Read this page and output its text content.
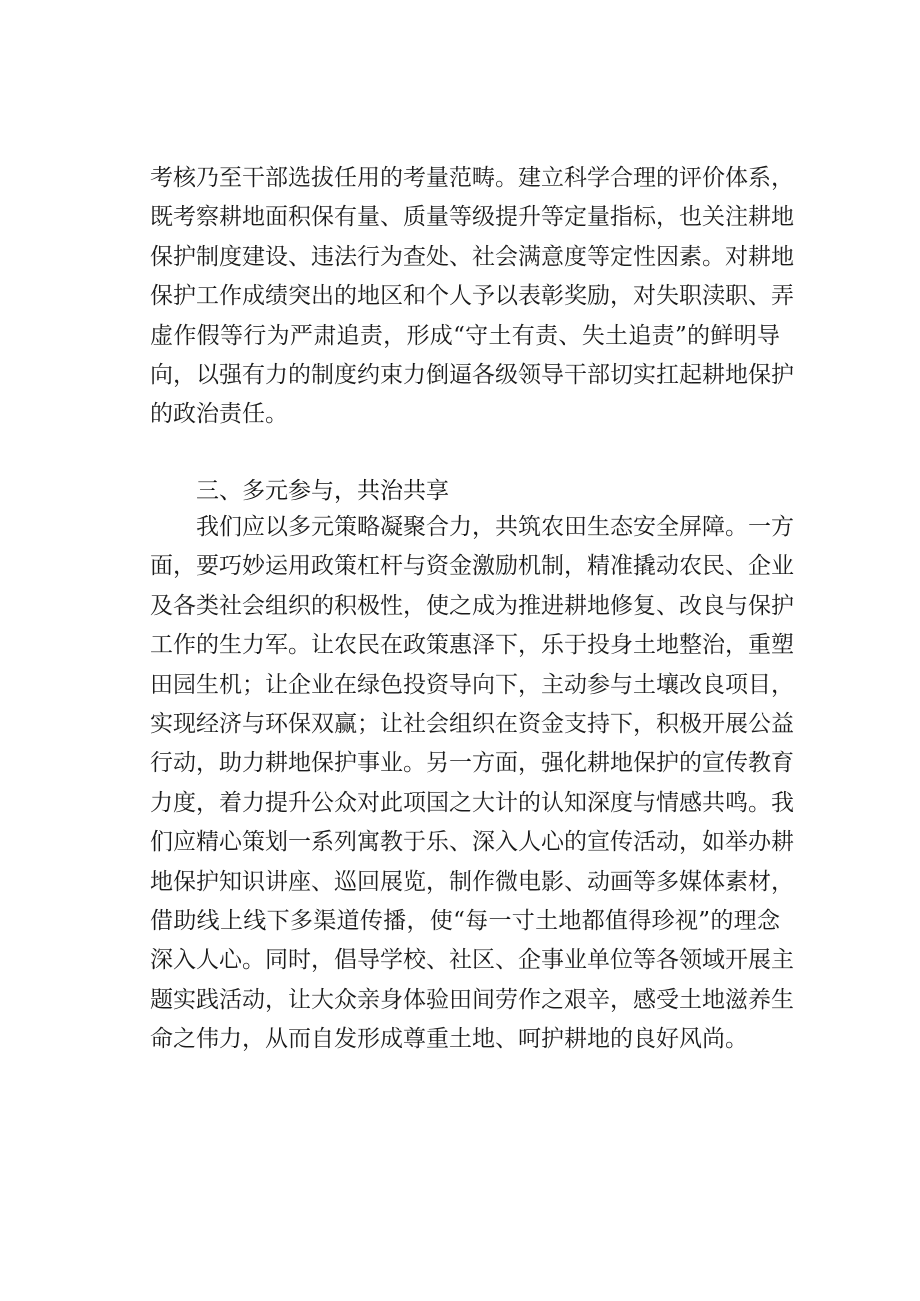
考核乃至干部选拔任用的考量范畴。建立科学合理的评价体系，
既考察耕地面积保有量、质量等级提升等定量指标，也关注耕地
保护制度建设、违法行为查处、社会满意度等定性因素。对耕地
保护工作成绩突出的地区和个人予以表彰奖励，对失职渎职、弄
虚作假等行为严肃追责，形成“守土有责、失土追责”的鲜明导
向，以强有力的制度约束力倒逼各级领导干部切实扛起耕地保护
的政治责任。
三、多元参与，共治共享
我们应以多元策略凝聚合力，共筑农田生态安全屏障。一方
面，要巧妙运用政策杠杆与资金激励机制，精准撬动农民、企业
及各类社会组织的积极性，使之成为推进耕地修复、改良与保护
工作的生力军。让农民在政策惠泽下，乐于投身土地整治，重塑
田园生机；让企业在绿色投资导向下，主动参与土壤改良项目，
实现经济与环保双赢；让社会组织在资金支持下，积极开展公益
行动，助力耕地保护事业。另一方面，强化耕地保护的宣传教育
力度，着力提升公众对此项国之大计的认知深度与情感共鸣。我
们应精心策划一系列寓教于乐、深入人心的宣传活动，如举办耕
地保护知识讲座、巡回展览，制作微电影、动画等多媒体素材，
借助线上线下多渠道传播，使“每一寸土地都值得珍视”的理念
深入人心。同时，倡导学校、社区、企事业单位等各领域开展主
题实践活动，让大众亲身体验田间劳作之艰辛，感受土地滋养生
命之伟力，从而自发形成尊重土地、呵护耕地的良好风尚。
